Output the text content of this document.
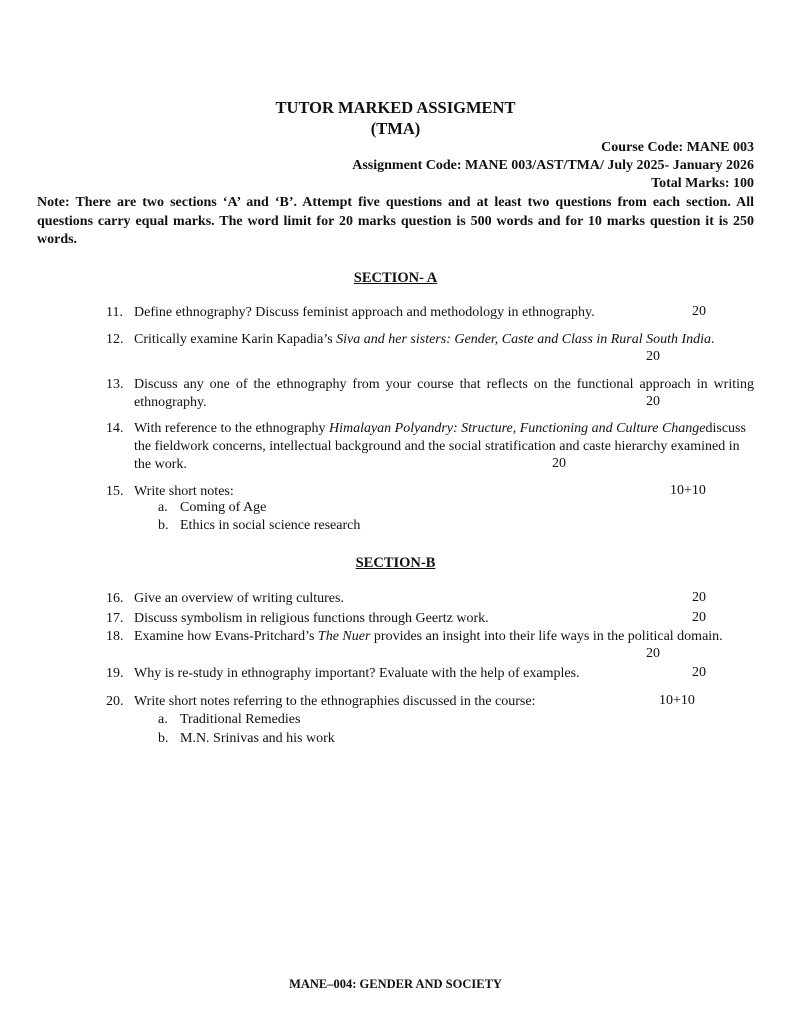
TUTOR MARKED ASSIGMENT
(TMA)
Course Code: MANE 003
Assignment Code: MANE 003/AST/TMA/ July 2025- January 2026
Total Marks: 100
Note: There are two sections ‘A’ and ‘B’. Attempt five questions and at least two questions from each section. All questions carry equal marks. The word limit for 20 marks question is 500 words and for 10 marks question it is 250 words.
SECTION- A
11. Define ethnography? Discuss feminist approach and methodology in ethnography.	20
12. Critically examine Karin Kapadia’s Siva and her sisters: Gender, Caste and Class in Rural South India.
20
13. Discuss any one of the ethnography from your course that reflects on the functional approach in writing ethnography.	20
14. With reference to the ethnography Himalayan Polyandry: Structure, Functioning and Culture Changediscuss the fieldwork concerns, intellectual background and the social stratification and caste hierarchy examined in the work.	20
15. Write short notes:	10+10
a. Coming of Age
b. Ethics in social science research
SECTION-B
16. Give an overview of writing cultures.	20
17. Discuss symbolism in religious functions through Geertz work.	20
18. Examine how Evans-Pritchard’s The Nuer provides an insight into their life ways in the political domain.
20
19. Why is re-study in ethnography important? Evaluate with the help of examples.	20
20. Write short notes referring to the ethnographies discussed in the course:	10+10
a. Traditional Remedies
b. M.N. Srinivas and his work
MANE–004: GENDER AND SOCIETY
